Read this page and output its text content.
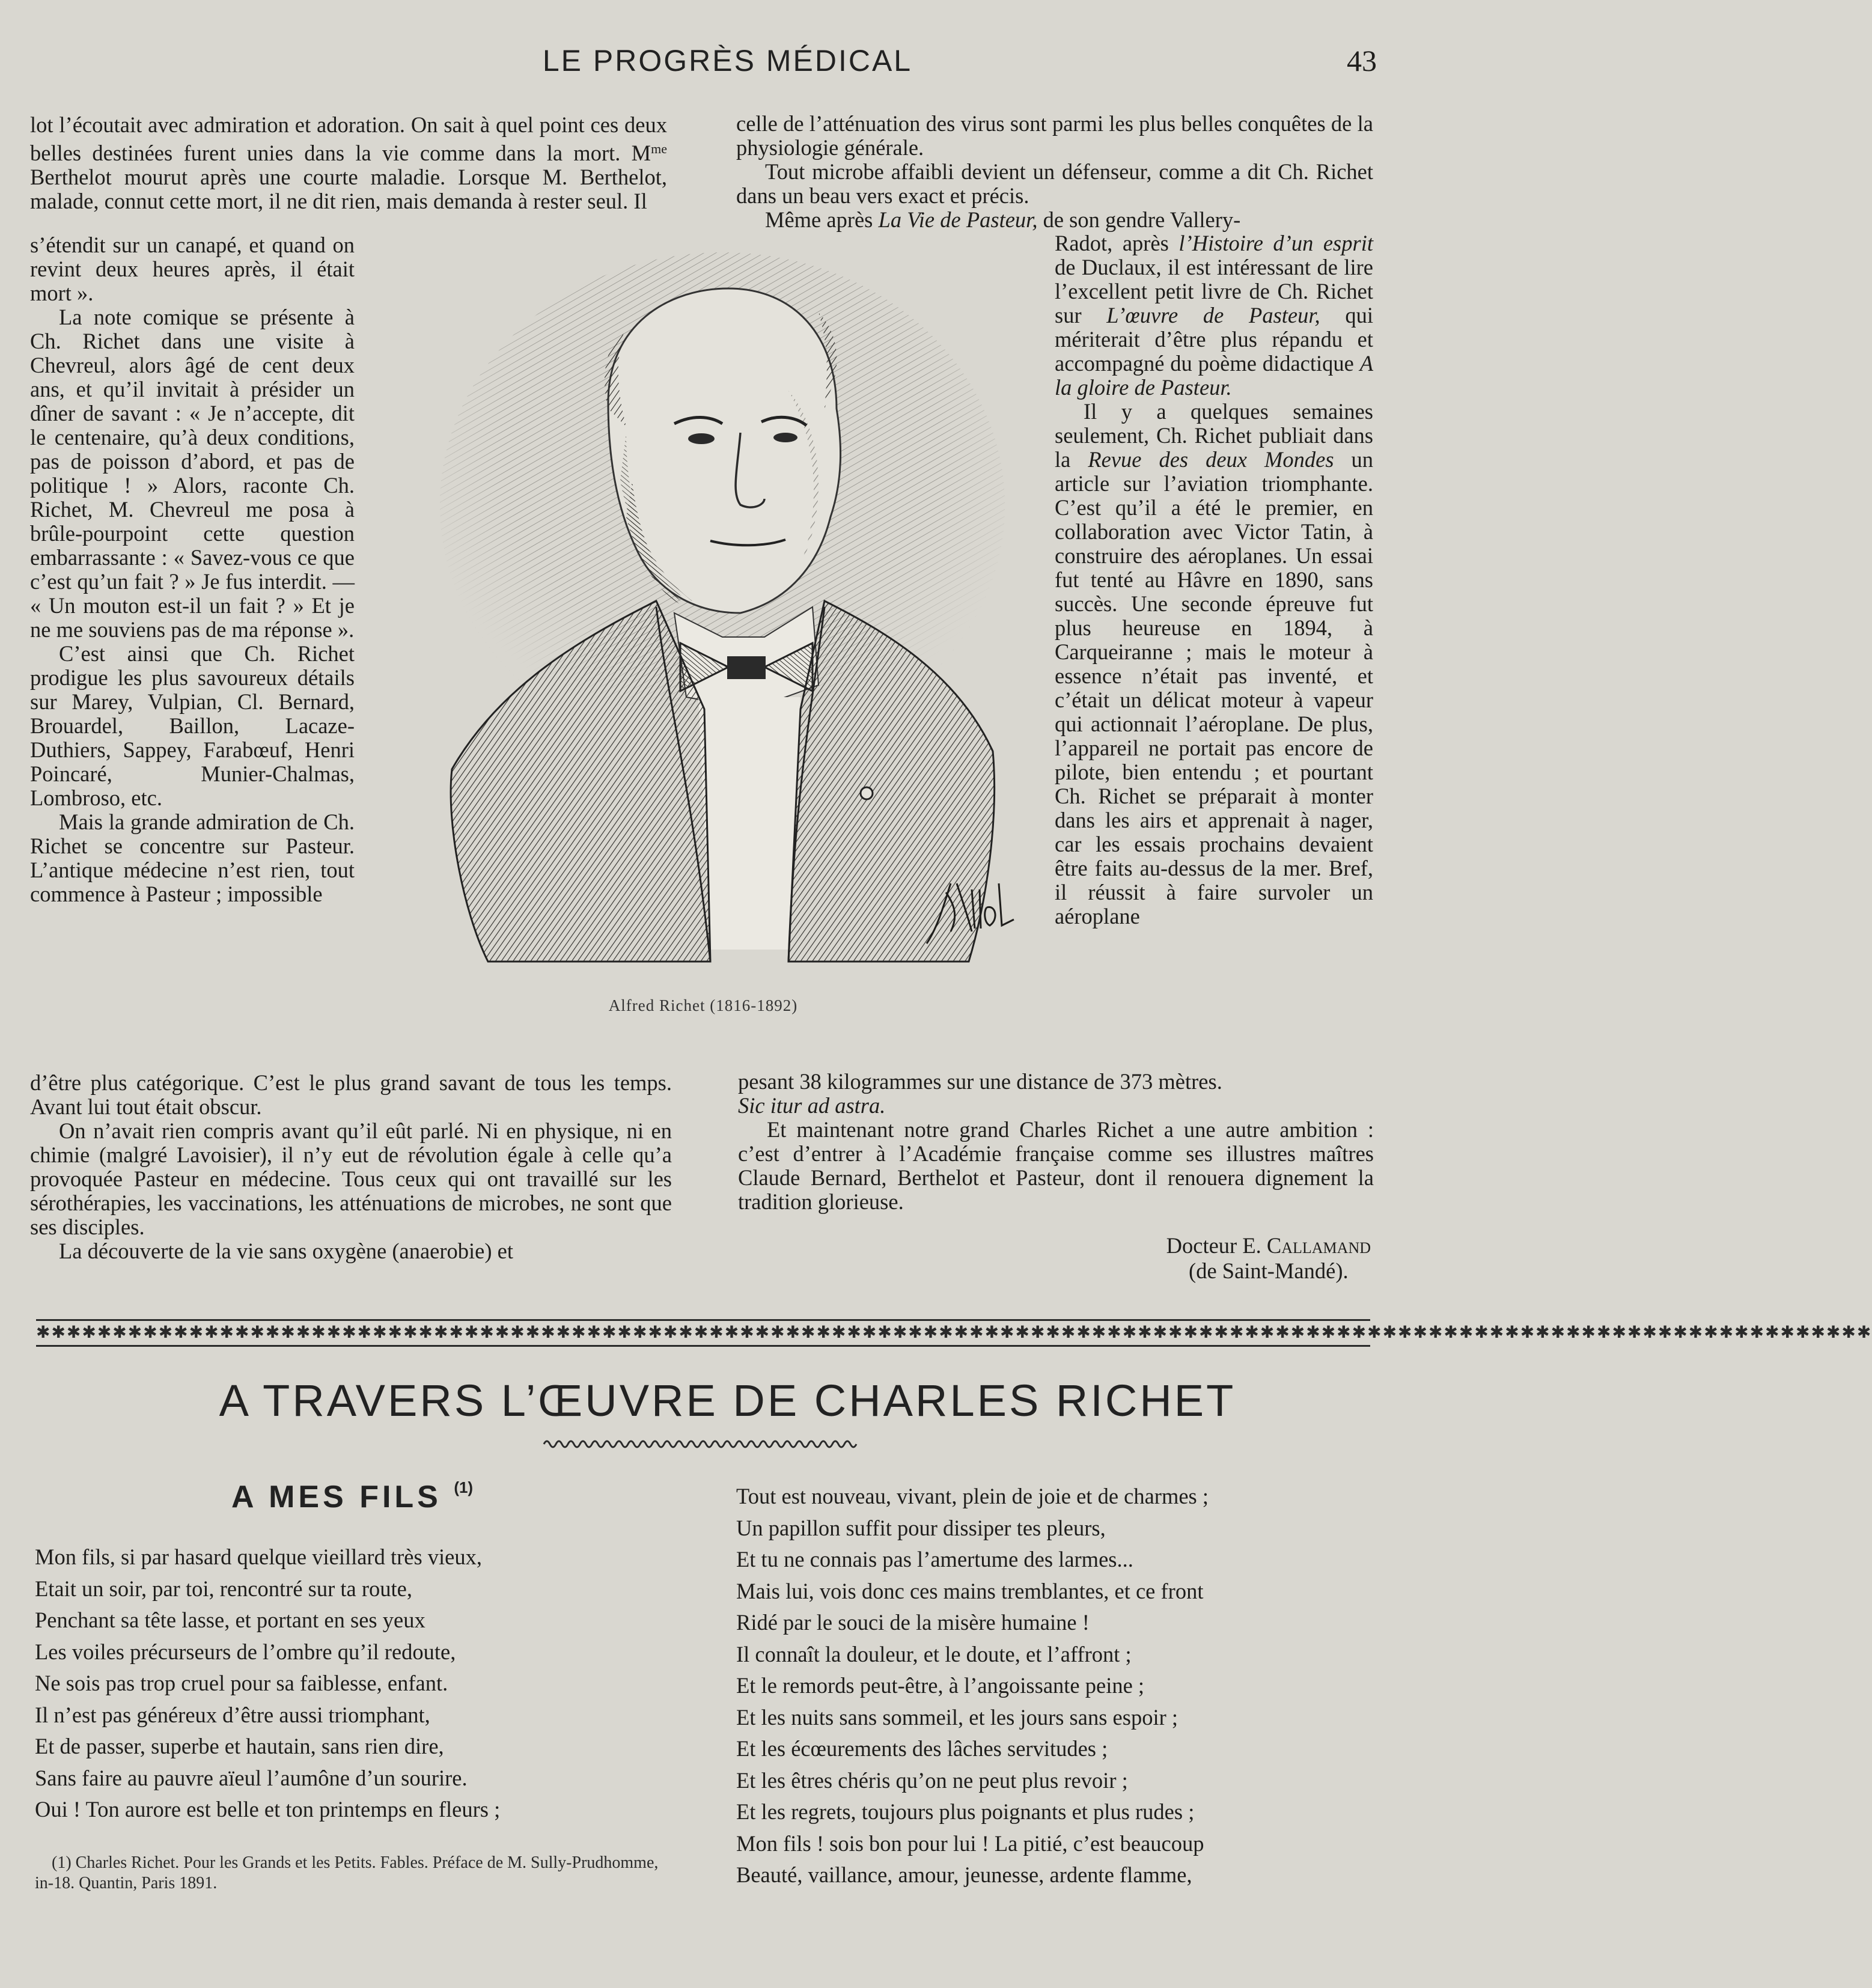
LE PROGRÈS MÉDICAL	43

lot l’écoutait avec admiration et adoration. On sait à quel point ces deux belles destinées furent unies dans la vie comme dans la mort. $M^{me}$ Berthelot mourut après une courte maladie. Lorsque M. Berthelot, malade, connut cette mort, il ne dit rien, mais demanda à rester seul. Il

s’étendit sur un canapé, et quand on revint deux heures après, il était mort ».

La note comique se présente à Ch. Richet dans une visite à Chevreul, alors âgé de cent deux ans, et qu’il invitait à présider un dîner de savant : « Je n’accepte, dit le centenaire, qu’à deux conditions, pas de poisson d’abord, et pas de politique ! » Alors, raconte Ch. Richet, M. Chevreul me posa à brûle-pourpoint cette question embarrassante : « Savez-vous ce que c’est qu’un fait ? » Je fus interdit. — « Un mouton est-il un fait ? » Et je ne me souviens pas de ma réponse ».

C’est ainsi que Ch. Richet prodigue les plus savoureux détails sur Marey, Vulpian, Cl. Bernard, Brouardel, Baillon, Lacaze-Duthiers, Sappey, Farabœuf, Henri Poincaré, Munier-Chalmas, Lombroso, etc.

Mais la grande admiration de Ch. Richet se concentre sur Pasteur. L’antique médecine n’est rien, tout commence à Pasteur ; impossible

d’être plus catégorique. C’est le plus grand savant de tous les temps. Avant lui tout était obscur.

On n’avait rien compris avant qu’il eût parlé. Ni en physique, ni en chimie (malgré Lavoisier), il n’y eut de révolution égale à celle qu’a provoquée Pasteur en médecine. Tous ceux qui ont travaillé sur les sérothérapies, les vaccinations, les atténuations de microbes, ne sont que ses disciples.

La découverte de la vie sans oxygène (anaerobie) et

celle de l’atténuation des virus sont parmi les plus belles conquêtes de la physiologie générale.

Tout microbe affaibli devient un défenseur, comme a dit Ch. Richet dans un beau vers exact et précis.

Même après La Vie de Pasteur, de son gendre Vallery-

Radot, après l’Histoire d’un esprit de Duclaux, il est intéressant de lire l’excellent petit livre de Ch. Richet sur L’œuvre de Pasteur, qui mériterait d’être plus répandu et accompagné du poème didactique A la gloire de Pasteur.

Il y a quelques semaines seulement, Ch. Richet publiait dans la Revue des deux Mondes un article sur l’aviation triomphante. C’est qu’il a été le premier, en collaboration avec Victor Tatin, à construire des aéroplanes. Un essai fut tenté au Hâvre en 1890, sans succès. Une seconde épreuve fut plus heureuse en 1894, à Carqueiranne ; mais le moteur à essence n’était pas inventé, et c’était un délicat moteur à vapeur qui actionnait l’aéroplane. De plus, l’appareil ne portait pas encore de pilote, bien entendu ; et pourtant Ch. Richet se préparait à monter dans les airs et apprenait à nager, car les essais prochains devaient être faits au-dessus de la mer. Bref, il réussit à faire survoler un aéroplane

pesant 38 kilogrammes sur une distance de 373 mètres.

Sic itur ad astra.

Et maintenant notre grand Charles Richet a une autre ambition : c’est d’entrer à l’Académie française comme ses illustres maîtres Claude Bernard, Berthelot et Pasteur, dont il renouera dignement la tradition glorieuse.

Docteur E. Callamand
(de Saint-Mandé).
Alfred Richet (1816-1892)
✱✱✱✱✱✱✱✱✱✱✱✱✱✱✱✱✱✱✱✱✱✱✱✱✱✱✱✱✱✱✱✱✱✱✱✱✱✱✱✱✱✱✱✱✱✱✱✱✱✱✱✱✱✱✱✱✱✱✱✱✱✱✱✱✱✱✱✱✱✱✱✱✱✱✱✱✱✱✱✱✱✱✱✱✱✱✱✱✱✱✱✱✱✱✱✱✱✱✱✱✱✱✱✱✱✱✱✱✱✱✱✱✱✱✱✱✱✱✱✱
A TRAVERS L’ŒUVRE DE CHARLES RICHET
A MES FILS $^{(1)}$
Mon fils, si par hasard quelque vieillard très vieux,
Etait un soir, par toi, rencontré sur ta route,
Penchant sa tête lasse, et portant en ses yeux
Les voiles précurseurs de l’ombre qu’il redoute,
Ne sois pas trop cruel pour sa faiblesse, enfant.
Il n’est pas généreux d’être aussi triomphant,
Et de passer, superbe et hautain, sans rien dire,
Sans faire au pauvre aïeul l’aumône d’un sourire.
Oui ! Ton aurore est belle et ton printemps en fleurs ;
Tout est nouveau, vivant, plein de joie et de charmes ;
Un papillon suffit pour dissiper tes pleurs,
Et tu ne connais pas l’amertume des larmes...
Mais lui, vois donc ces mains tremblantes, et ce front
Ridé par le souci de la misère humaine !
Il connaît la douleur, et le doute, et l’affront ;
Et le remords peut-être, à l’angoissante peine ;
Et les nuits sans sommeil, et les jours sans espoir ;
Et les écœurements des lâches servitudes ;
Et les êtres chéris qu’on ne peut plus revoir ;
Et les regrets, toujours plus poignants et plus rudes ;
Mon fils ! sois bon pour lui ! La pitié, c’est beaucoup
Beauté, vaillance, amour, jeunesse, ardente flamme,

(1) Charles Richet. Pour les Grands et les Petits. Fables. Préface de M. Sully-Prudhomme, in-18. Quantin, Paris 1891.
